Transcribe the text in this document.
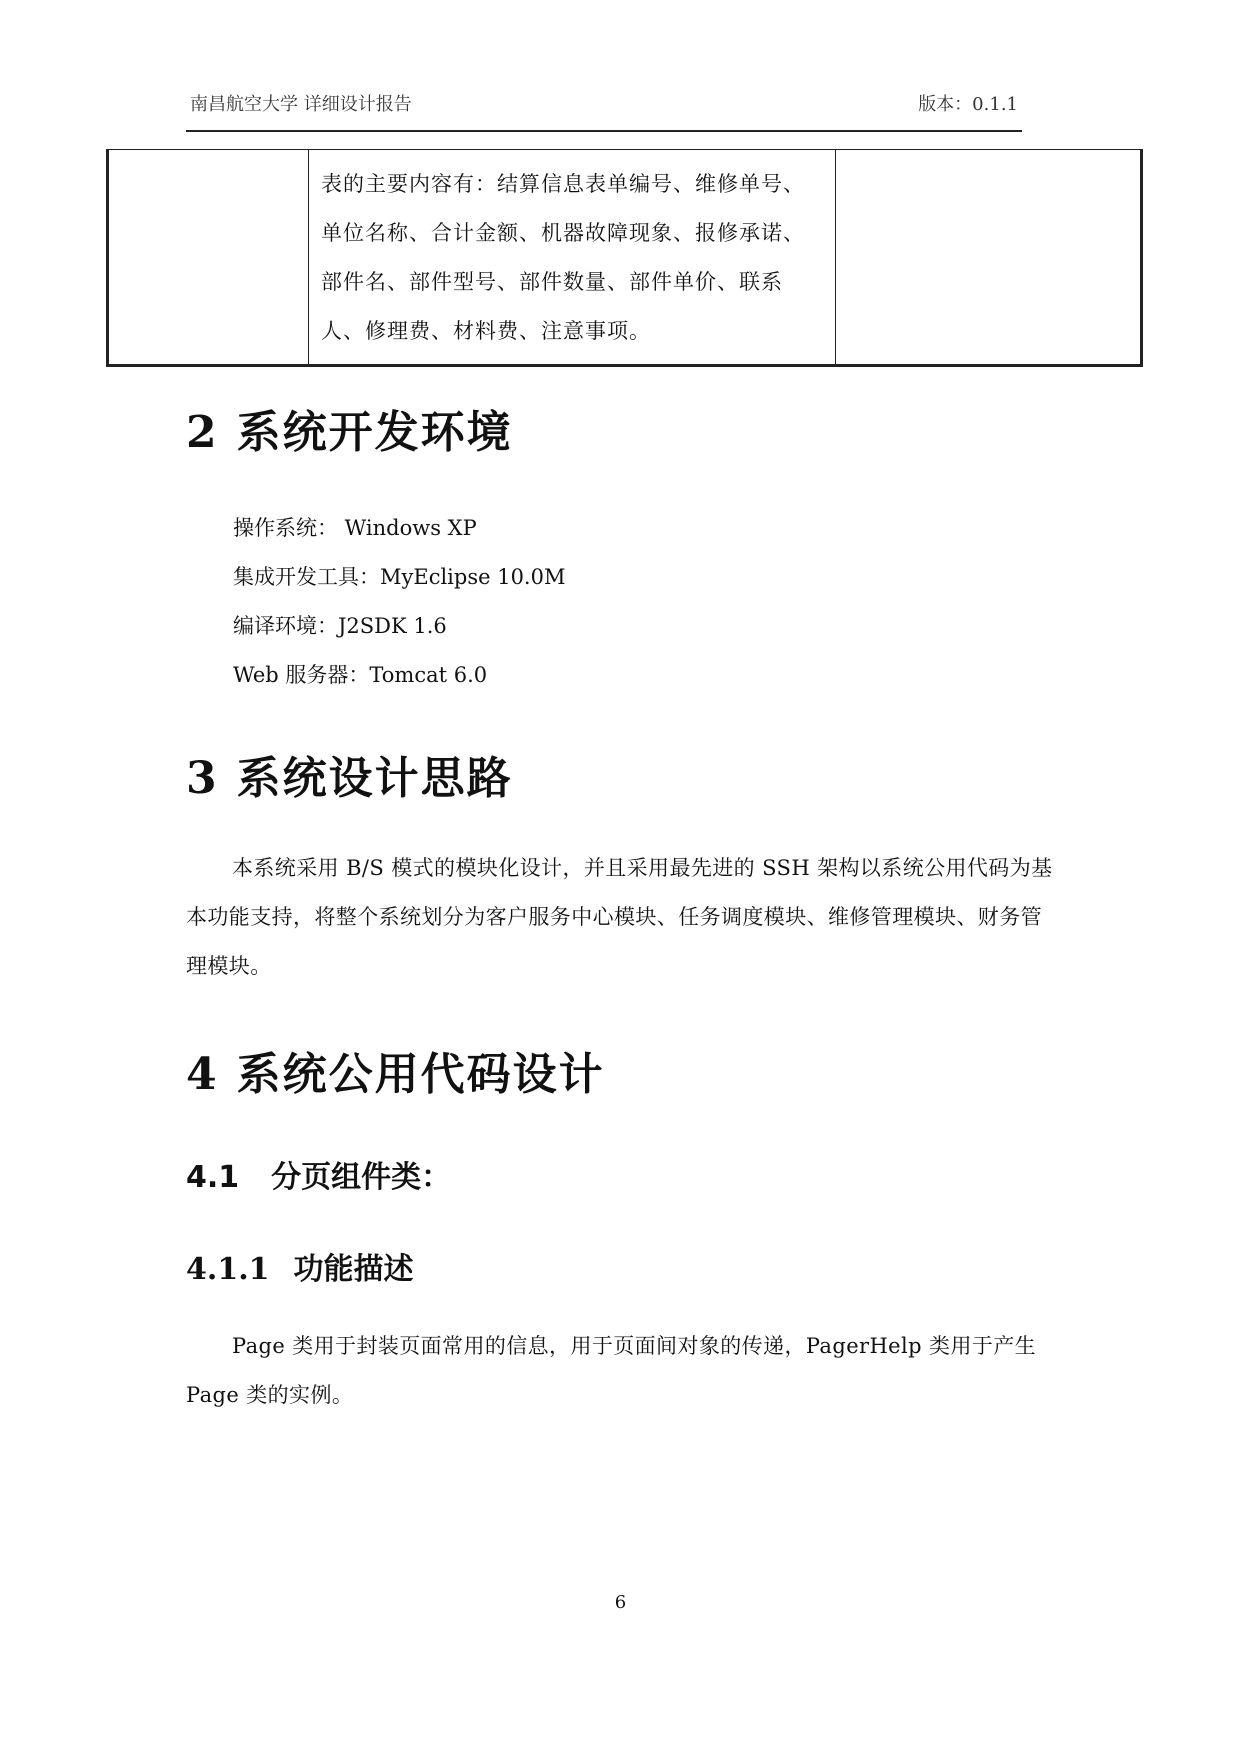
南昌航空大学 详细设计报告	版本：0.1.1

表的主要内容有：结算信息表单编号、维修单号、单位名称、合计金额、机器故障现象、报修承诺、部件名、部件型号、部件数量、部件单价、联系人、修理费、材料费、注意事项。

2 系统开发环境
操作系统： Windows XP
集成开发工具：MyEclipse 10.0M
编译环境：J2SDK 1.6
Web 服务器：Tomcat 6.0
3 系统设计思路
本系统采用 B/S 模式的模块化设计，并且采用最先进的 SSH 架构以系统公用代码为基本功能支持，将整个系统划分为客户服务中心模块、任务调度模块、维修管理模块、财务管理模块。
4 系统公用代码设计
4.1 分页组件类：
4.1.1 功能描述
Page 类用于封装页面常用的信息，用于页面间对象的传递，PagerHelp 类用于产生 Page 类的实例。
6
